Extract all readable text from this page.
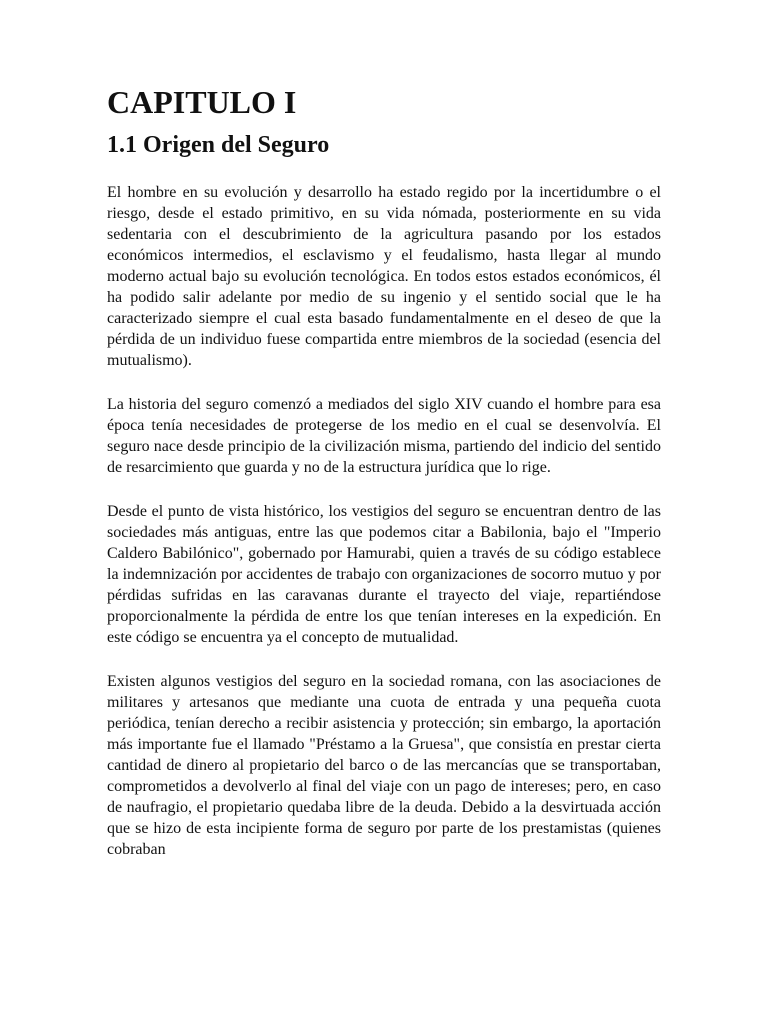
CAPITULO I
1.1 Origen del Seguro

El hombre en su evolución y desarrollo ha estado regido por la incertidumbre o el riesgo, desde el estado primitivo, en su vida nómada, posteriormente en su vida sedentaria con el descubrimiento de la agricultura pasando por los estados económicos intermedios, el esclavismo y el feudalismo, hasta llegar al mundo moderno actual bajo su evolución tecnológica. En todos estos estados económicos, él ha podido salir adelante por medio de su ingenio y el sentido social que le ha caracterizado siempre el cual esta basado fundamentalmente en el deseo de que la pérdida de un individuo fuese compartida entre miembros de la sociedad (esencia del mutualismo).

La historia del seguro comenzó a mediados del siglo XIV cuando el hombre para esa época tenía necesidades de protegerse de los medio en el cual se desenvolvía. El seguro nace desde principio de la civilización misma, partiendo del indicio del sentido de resarcimiento que guarda y no de la estructura jurídica que lo rige.

Desde el punto de vista histórico, los vestigios del seguro se encuentran dentro de las sociedades más antiguas, entre las que podemos citar a Babilonia, bajo el "Imperio Caldero Babilónico", gobernado por Hamurabi, quien a través de su código establece la indemnización por accidentes de trabajo con organizaciones de socorro mutuo y por pérdidas sufridas en las caravanas durante el trayecto del viaje, repartiéndose proporcionalmente la pérdida de entre los que tenían intereses en la expedición. En este código se encuentra ya el concepto de mutualidad.

Existen algunos vestigios del seguro en la sociedad romana, con las asociaciones de militares y artesanos que mediante una cuota de entrada y una pequeña cuota periódica, tenían derecho a recibir asistencia y protección; sin embargo, la aportación más importante fue el llamado "Préstamo a la Gruesa", que consistía en prestar cierta cantidad de dinero al propietario del barco o de las mercancías que se transportaban, comprometidos a devolverlo al final del viaje con un pago de intereses; pero, en caso de naufragio, el propietario quedaba libre de la deuda. Debido a la desvirtuada acción que se hizo de esta incipiente forma de seguro por parte de los prestamistas (quienes cobraban
